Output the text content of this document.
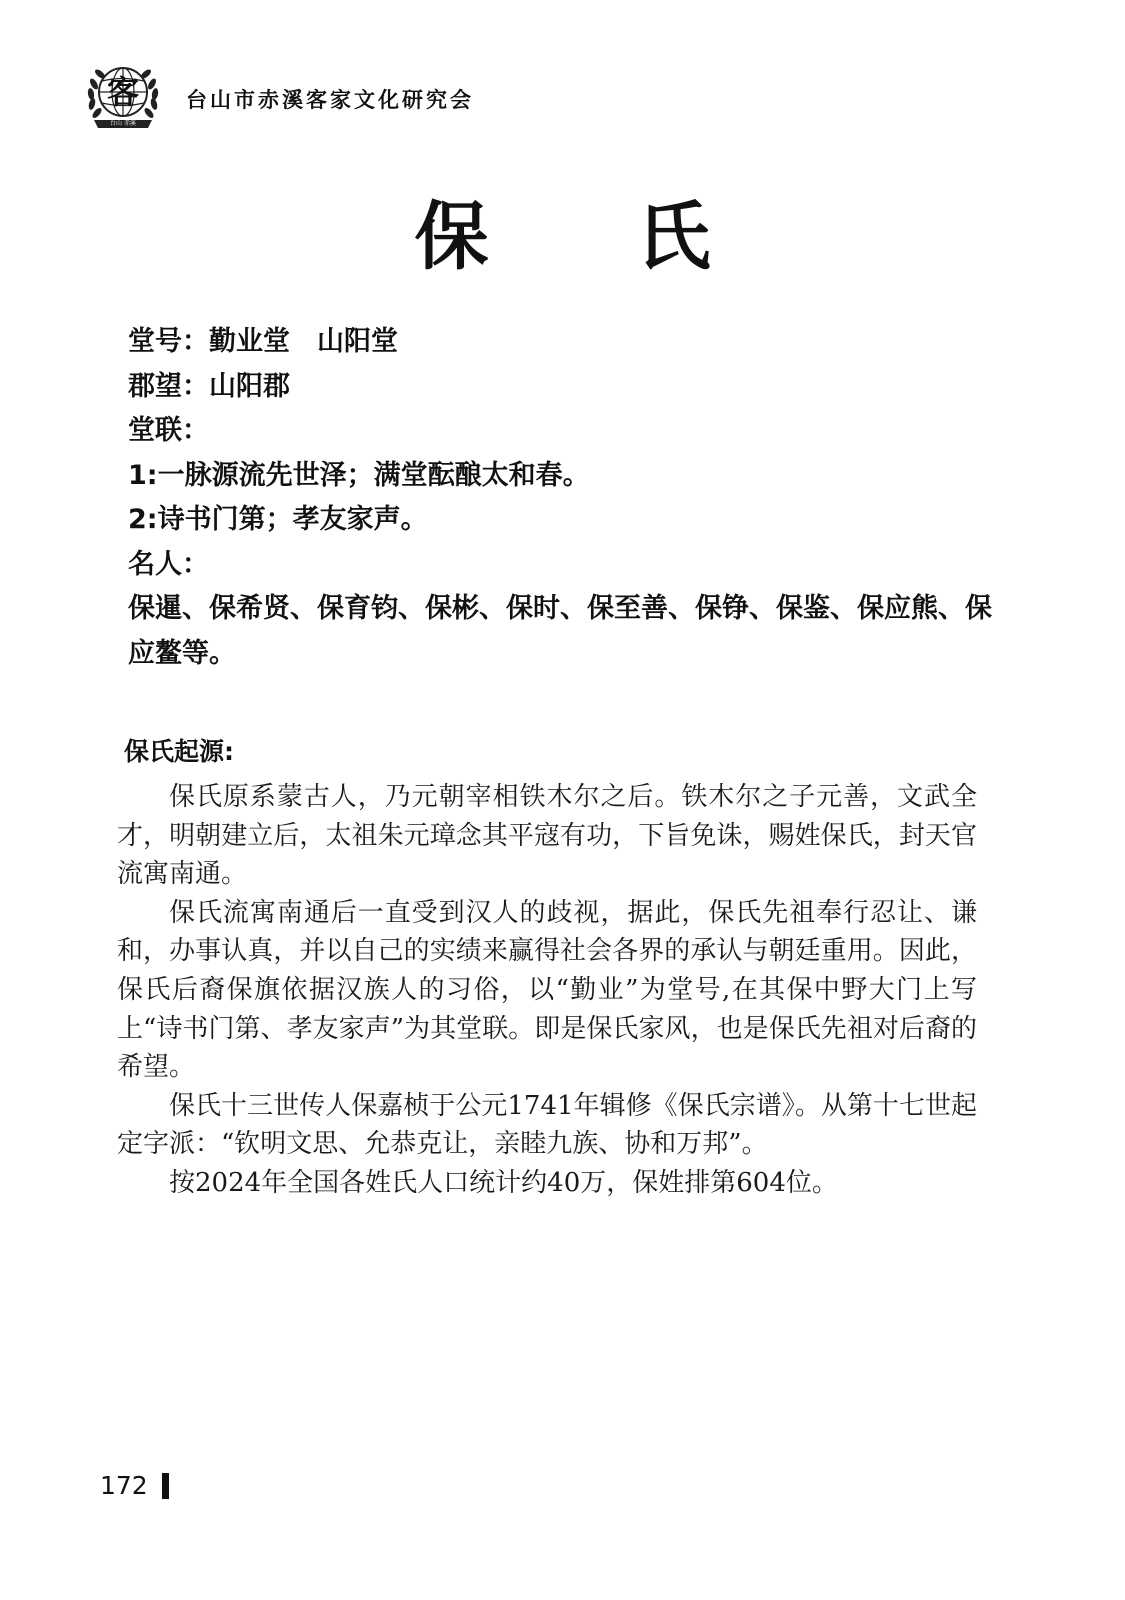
客
台山 赤溪
台山市赤溪客家文化研究会
保　　氏
堂号：勤业堂　山阳堂
郡望：山阳郡
堂联：
1:一脉源流先世泽；满堂酝酿太和春。
2:诗书门第；孝友家声。
名人：
保暹、保希贤、保育钧、保彬、保时、保至善、保铮、保鉴、保应熊、保应鳌等。
保氏起源:

保氏原系蒙古人，乃元朝宰相铁木尔之后。铁木尔之子元善，文武全才，明朝建立后，太祖朱元璋念其平寇有功，下旨免诛，赐姓保氏，封天官流寓南通。

保氏流寓南通后一直受到汉人的歧视，据此，保氏先祖奉行忍让、谦和，办事认真，并以自己的实绩来赢得社会各界的承认与朝廷重用。因此，保氏后裔保旗依据汉族人的习俗，以“勤业”为堂号,在其保中野大门上写上“诗书门第、孝友家声”为其堂联。即是保氏家风，也是保氏先祖对后裔的希望。

保氏十三世传人保嘉桢于公元1741年辑修《保氏宗谱》。从第十七世起定字派：“钦明文思、允恭克让，亲睦九族、协和万邦”。

按2024年全国各姓氏人口统计约40万，保姓排第604位。

172
